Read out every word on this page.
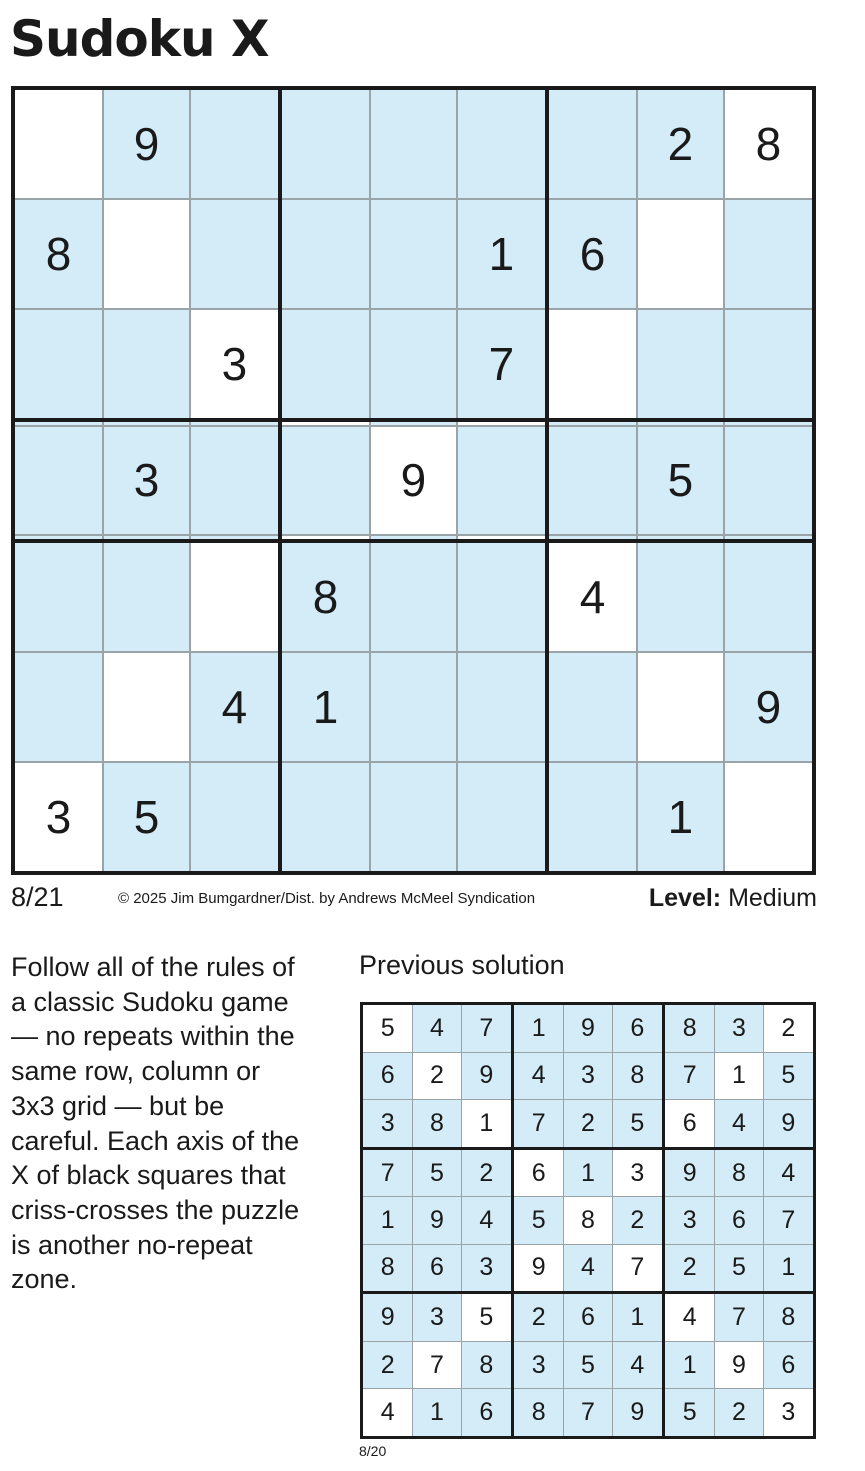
Sudoku X
	9						2	8
8					1	6		
		3			7			

	3			9			5	

			8			4		
		4	1					9
3	5						1	
8/21	© 2025 Jim Bumgardner/Dist. by Andrews McMeel Syndication	Level: Medium
Follow all of the rules of a classic Sudoku game — no repeats within the same row, column or 3x3 grid — but be careful. Each axis of the X of black squares that criss-crosses the puzzle is another no-repeat zone.
Previous solution
5	4	7	1	9	6	8	3	2
6	2	9	4	3	8	7	1	5
3	8	1	7	2	5	6	4	9
7	5	2	6	1	3	9	8	4
1	9	4	5	8	2	3	6	7
8	6	3	9	4	7	2	5	1
9	3	5	2	6	1	4	7	8
2	7	8	3	5	4	1	9	6
4	1	6	8	7	9	5	2	3
8/20
